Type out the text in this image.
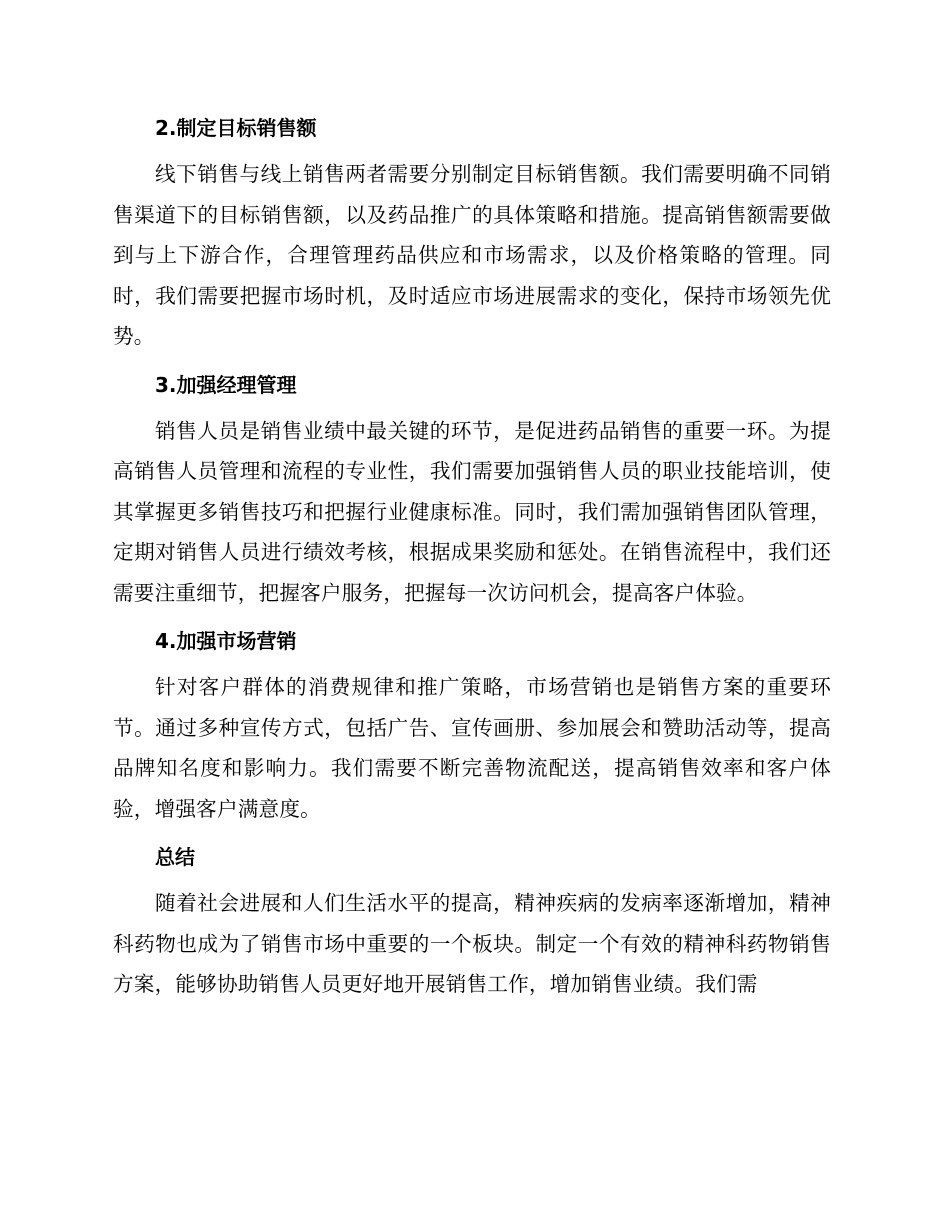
2.制定目标销售额

线下销售与线上销售两者需要分别制定目标销售额。我们需要明确不同销售渠道下的目标销售额，以及药品推广的具体策略和措施。提高销售额需要做到与上下游合作，合理管理药品供应和市场需求，以及价格策略的管理。同时，我们需要把握市场时机，及时适应市场进展需求的变化，保持市场领先优势。

3.加强经理管理

销售人员是销售业绩中最关键的环节，是促进药品销售的重要一环。为提高销售人员管理和流程的专业性，我们需要加强销售人员的职业技能培训，使其掌握更多销售技巧和把握行业健康标准。同时，我们需加强销售团队管理，定期对销售人员进行绩效考核，根据成果奖励和惩处。在销售流程中，我们还需要注重细节，把握客户服务，把握每一次访问机会，提高客户体验。

4.加强市场营销

针对客户群体的消费规律和推广策略，市场营销也是销售方案的重要环节。通过多种宣传方式，包括广告、宣传画册、参加展会和赞助活动等，提高品牌知名度和影响力。我们需要不断完善物流配送，提高销售效率和客户体验，增强客户满意度。

总结

随着社会进展和人们生活水平的提高，精神疾病的发病率逐渐增加，精神科药物也成为了销售市场中重要的一个板块。制定一个有效的精神科药物销售方案，能够协助销售人员更好地开展销售工作，增加销售业绩。我们需
